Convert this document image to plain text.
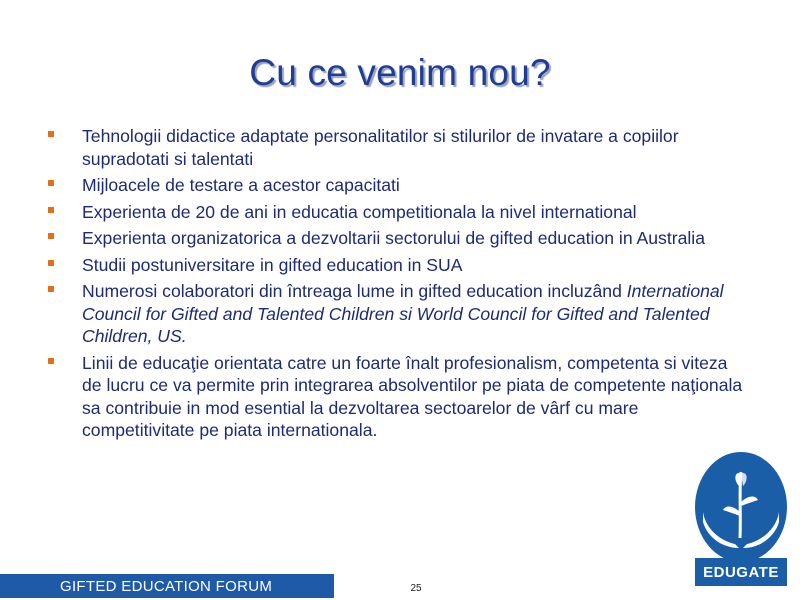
Cu ce venim nou?
Tehnologii didactice adaptate personalitatilor si stilurilor de invatare a copiilor supradotati si talentati
Mijloacele de testare a acestor capacitati
Experienta de 20 de ani in educatia competitionala la nivel international
Experienta organizatorica a dezvoltarii sectorului de gifted education in Australia
Studii postuniversitare in gifted education in SUA
Numerosi colaboratori din întreaga lume in gifted education incluzând International Council for Gifted and Talented Children si World Council for Gifted and Talented Children, US.
Linii de educaţie orientata catre un foarte înalt profesionalism, competenta si viteza de lucru ce va permite prin integrarea absolventilor pe piata de competente naţionala sa contribuie in mod esential la dezvoltarea sectoarelor de vârf cu mare competitivitate pe piata internationala.
EDUGATE
GIFTED EDUCATION FORUM	25
